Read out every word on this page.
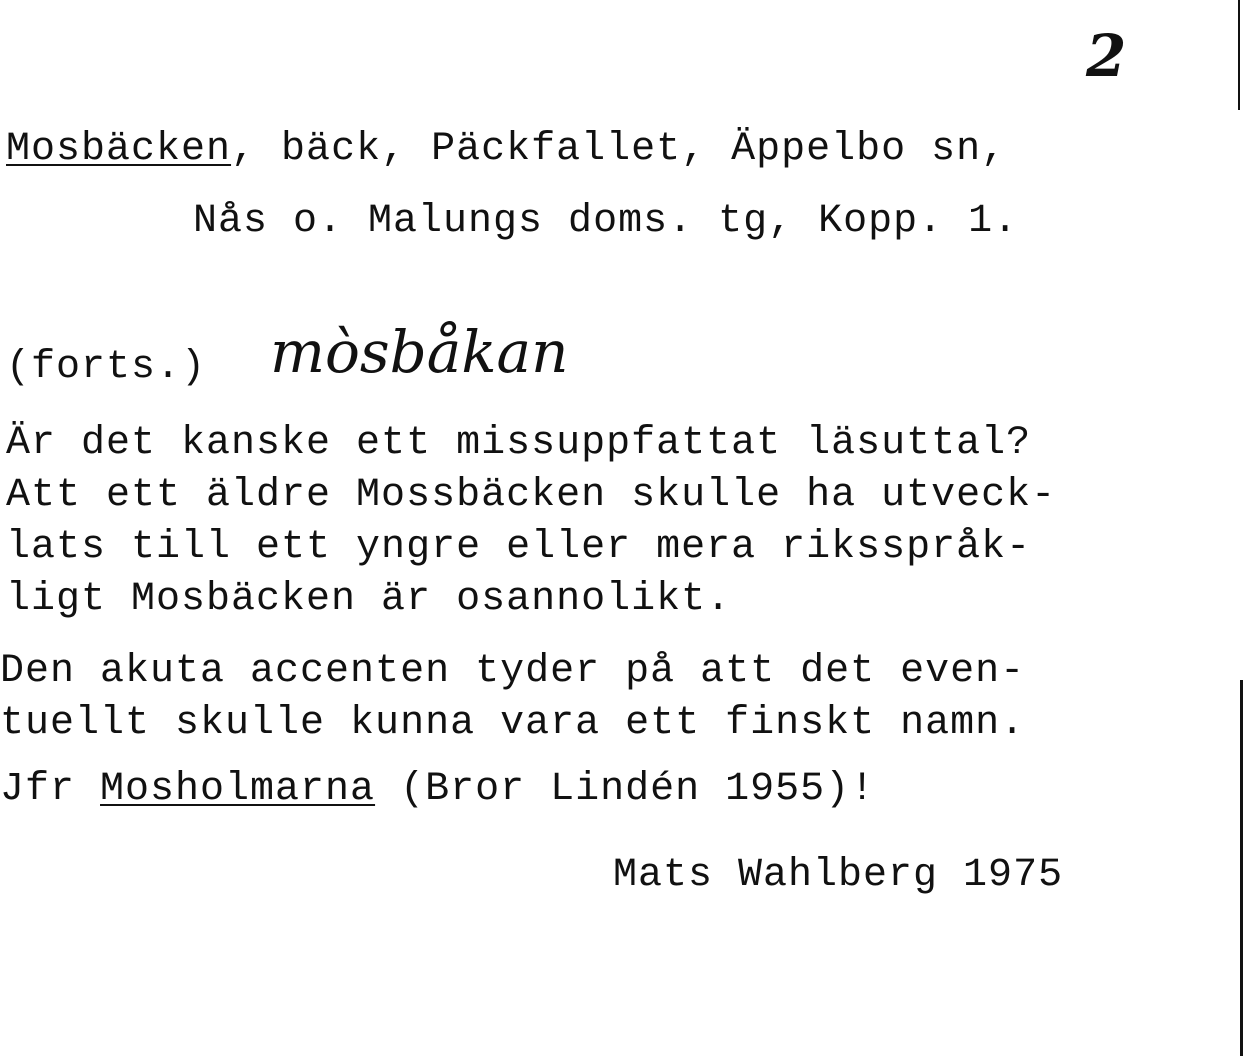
2
Mosbäcken, bäck, Päckfallet, Äppelbo sn,
Nås o. Malungs doms. tg, Kopp. 1.
(forts.) mòsbåkan
Är det kanske ett missuppfattat läsuttal?
Att ett äldre Mossbäcken skulle ha utveck-
lats till ett yngre eller mera riksspråk-
ligt Mosbäcken är osannolikt.
Den akuta accenten tyder på att det even-
tuellt skulle kunna vara ett finskt namn.
Jfr Mosholmarna (Bror Lindén 1955)!
Mats Wahlberg 1975
